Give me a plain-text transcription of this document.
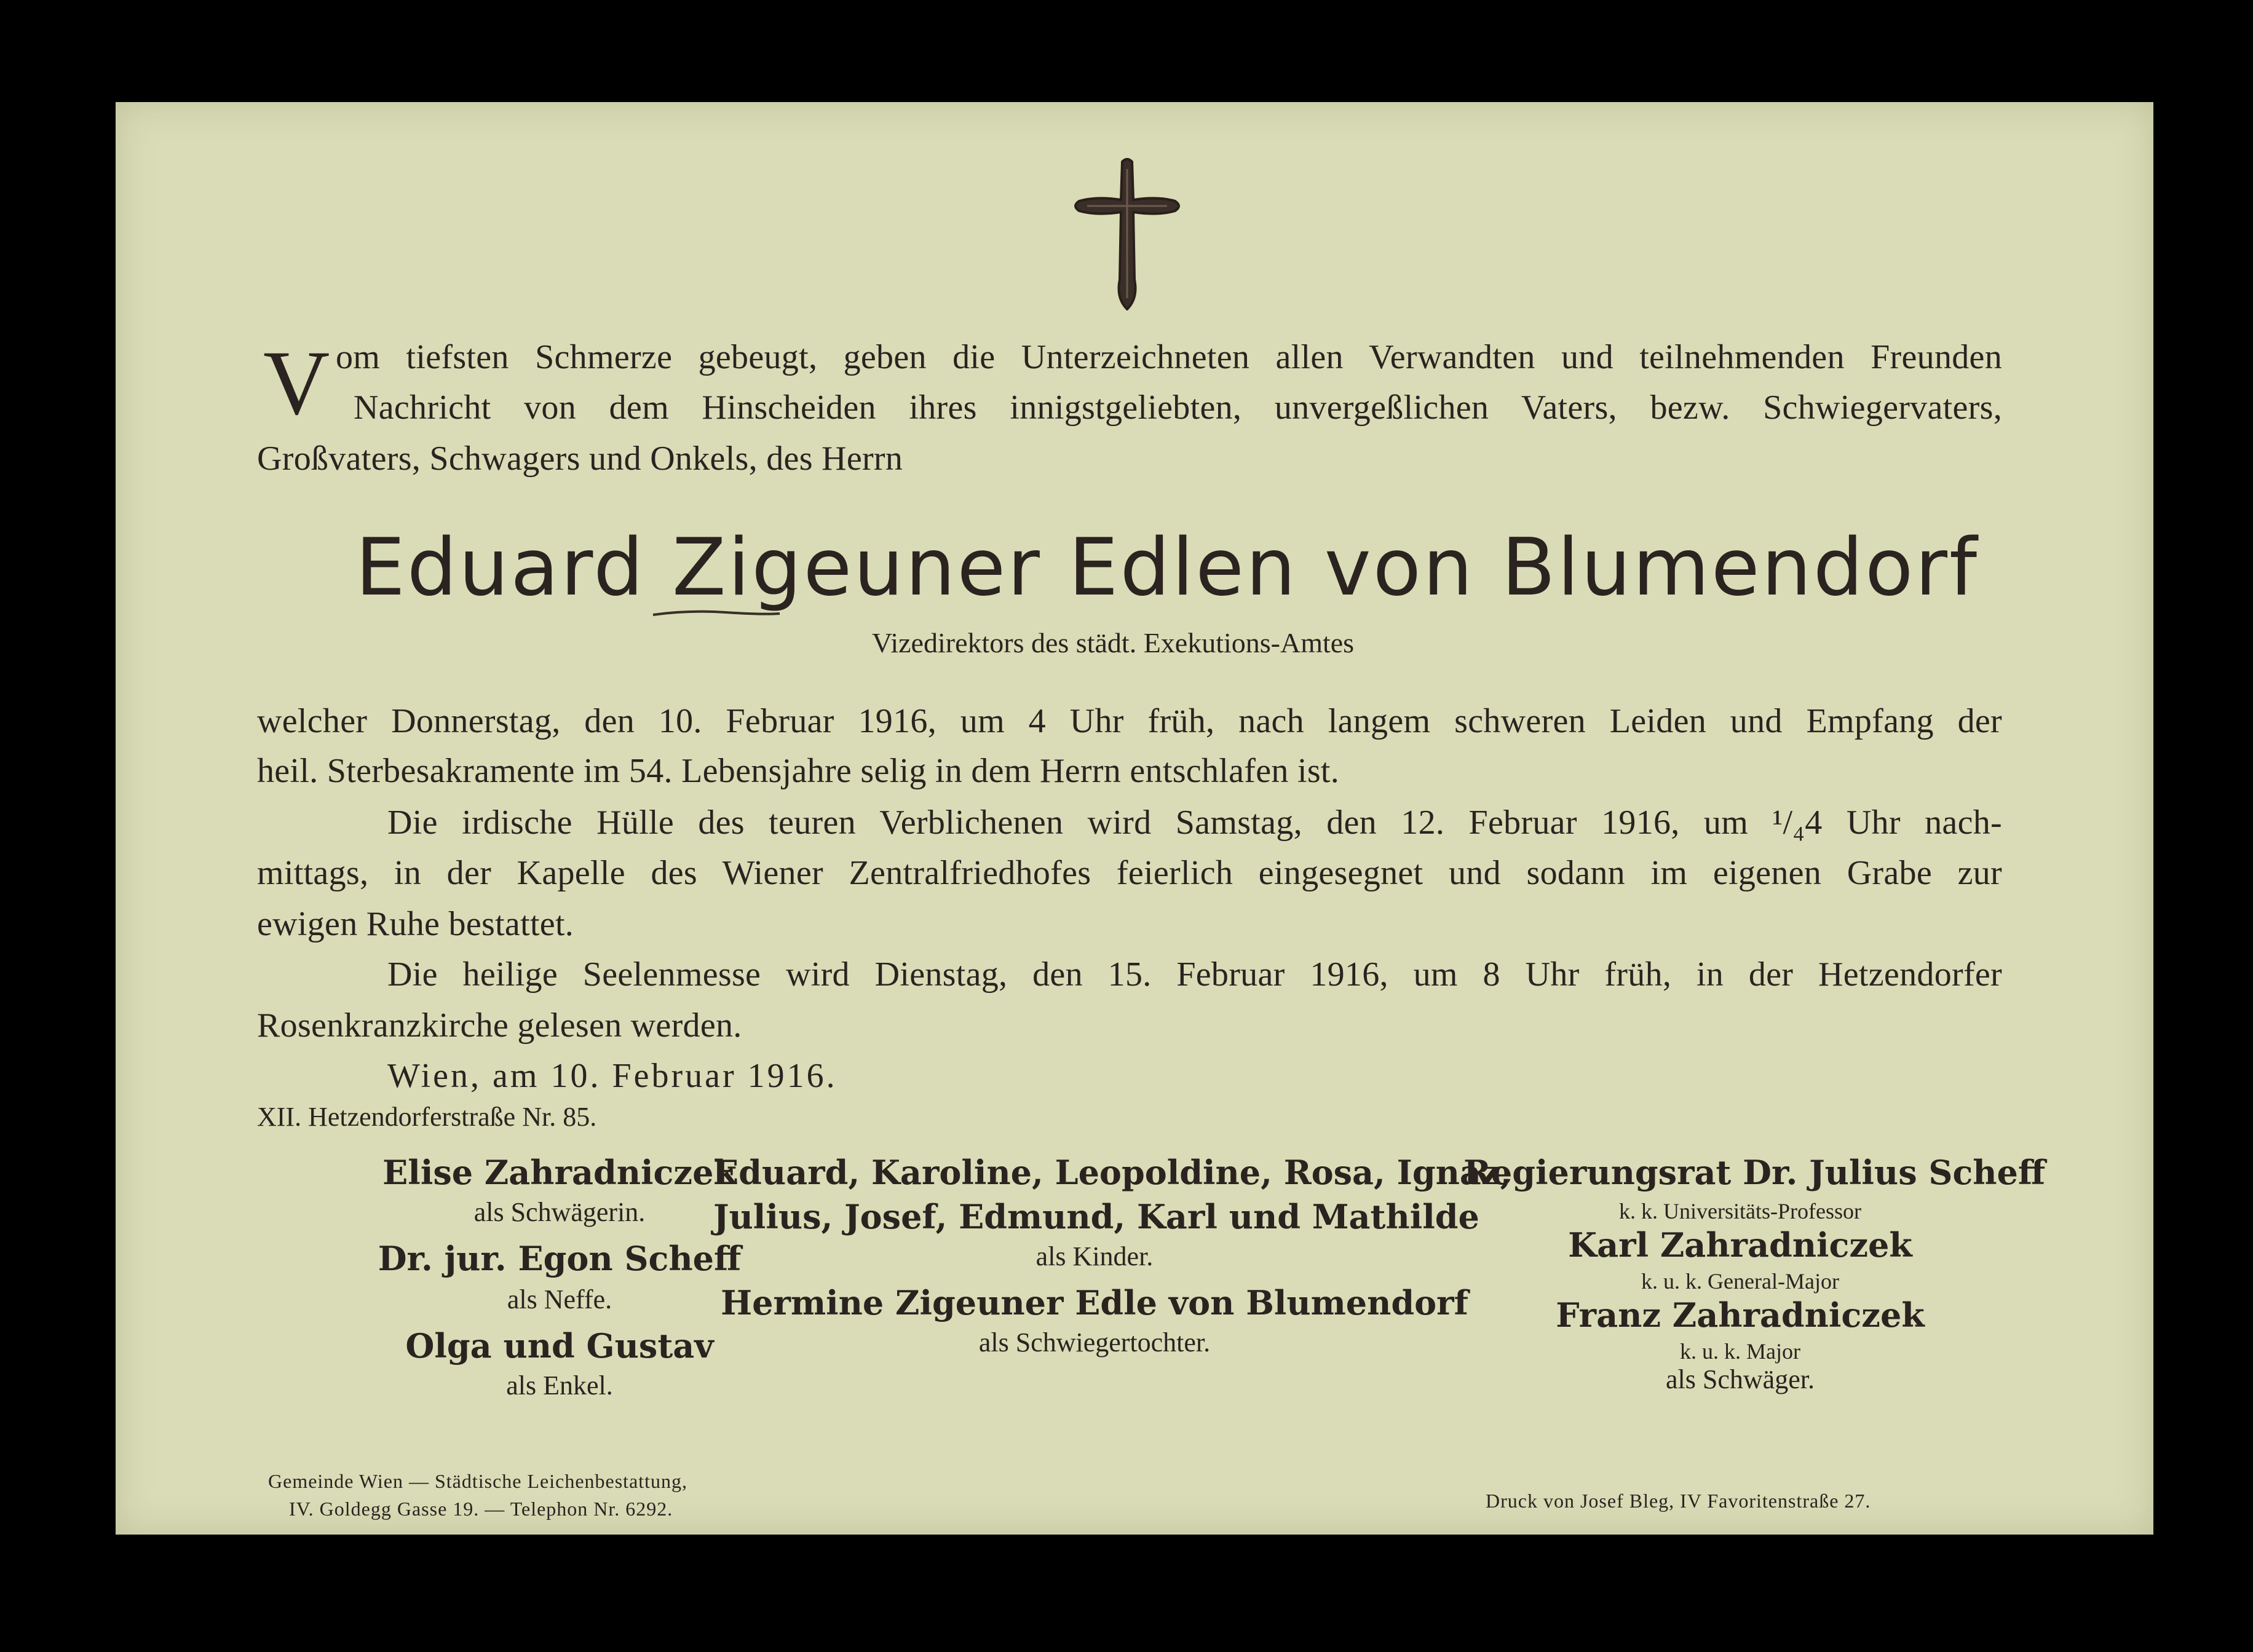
V om tiefsten Schmerze gebeugt, geben die Unterzeichneten allen Verwandten und teilnehmenden Freunden
Nachricht von dem Hinscheiden ihres innigstgeliebten, unvergeßlichen Vaters, bezw. Schwiegervaters,
Großvaters, Schwagers und Onkels, des Herrn
Eduard Zigeuner Edlen von Blumendorf
Vizedirektors des städt. Exekutions-Amtes
welcher Donnerstag, den 10. Februar 1916, um 4 Uhr früh, nach langem schweren Leiden und Empfang der
heil. Sterbesakramente im 54. Lebensjahre selig in dem Herrn entschlafen ist.
Die irdische Hülle des teuren Verblichenen wird Samstag, den 12. Februar 1916, um ¹/₄4 Uhr nach-
mittags, in der Kapelle des Wiener Zentralfriedhofes feierlich eingesegnet und sodann im eigenen Grabe zur
ewigen Ruhe bestattet.
Die heilige Seelenmesse wird Dienstag, den 15. Februar 1916, um 8 Uhr früh, in der Hetzendorfer
Rosenkranzkirche gelesen werden.
Wien, am 10. Februar 1916.
XII. Hetzendorferstraße Nr. 85.
Elise Zahradniczek
als Schwägerin.
Dr. jur. Egon Scheff
als Neffe.
Olga und Gustav
als Enkel.
Eduard, Karoline, Leopoldine, Rosa, Ignaz,
Julius, Josef, Edmund, Karl und Mathilde
als Kinder.
Hermine Zigeuner Edle von Blumendorf
als Schwiegertochter.
Regierungsrat Dr. Julius Scheff
k. k. Universitäts-Professor
Karl Zahradniczek
k. u. k. General-Major
Franz Zahradniczek
k. u. k. Major
als Schwäger.
Gemeinde Wien — Städtische Leichenbestattung,
IV. Goldegg Gasse 19. — Telephon Nr. 6292.	Druck von Josef Bleg, IV Favoritenstraße 27.
